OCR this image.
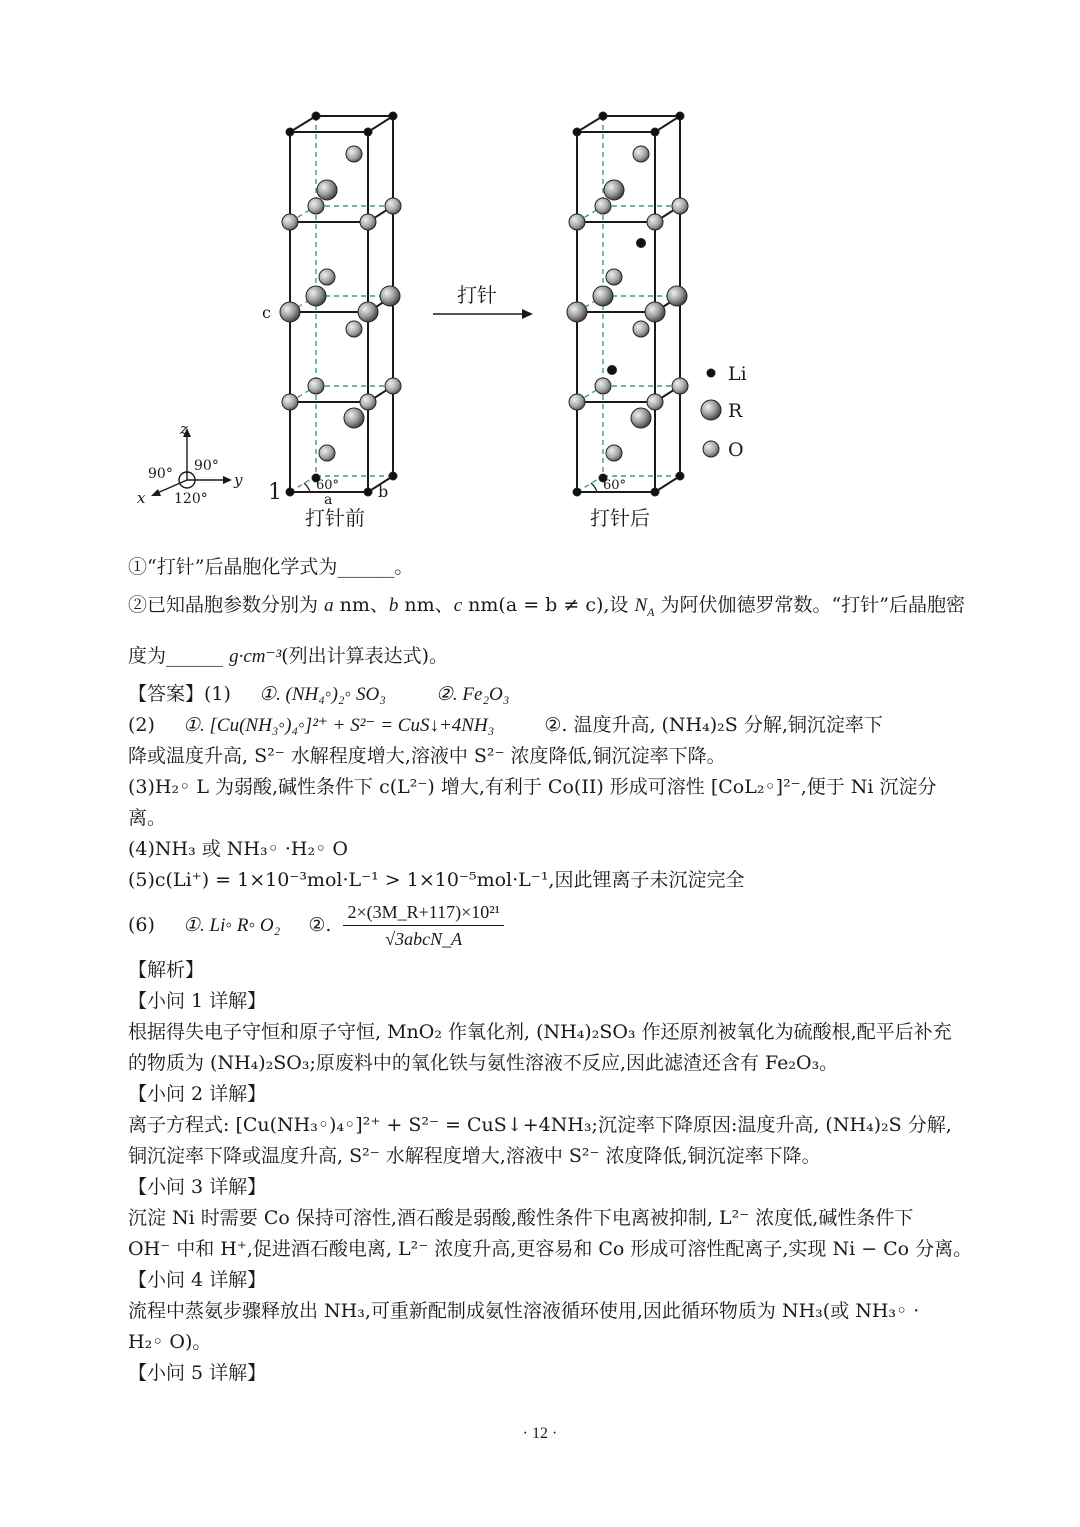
60°
c
a	b
1
打针前
打针
60°
打针后
Li
R
O
z
y
x
90° 90°
120°
①“打针”后晶胞化学式为______。
②已知晶胞参数分别为 a nm、b nm、c nm(a = b ≠ c),设 $N_A$ 为阿伏伽德罗常数。“打针”后晶胞密
度为______ g·cm⁻³(列出计算表达式)。
【答案】(1) ①. (NH₄◦)₂◦ SO₃	②. Fe₂O₃
(2) ①. [Cu(NH₃◦)₄◦]²⁺ + S²⁻ = CuS↓+4NH₃	②. 温度升高, (NH₄)₂S 分解,铜沉淀率下
降或温度升高, S²⁻ 水解程度增大,溶液中 S²⁻ 浓度降低,铜沉淀率下降。
(3)H₂◦ L 为弱酸,碱性条件下 c(L²⁻) 增大,有利于 Co(II) 形成可溶性 [CoL₂◦]²⁻,便于 Ni 沉淀分
离。
(4)NH₃ 或 NH₃◦ ·H₂◦ O
(5)c(Li⁺) = 1×10⁻³mol·L⁻¹ > 1×10⁻⁵mol·L⁻¹,因此锂离子未沉淀完全
(6) ①. Li◦ R◦ O₂ ②. $\frac{\text{2×(3M\_R+117)×10²¹}}{\text{√3abcN\_A}}$
【解析】
【小问 1 详解】
根据得失电子守恒和原子守恒, MnO₂ 作氧化剂, (NH₄)₂SO₃ 作还原剂被氧化为硫酸根,配平后补充
的物质为 (NH₄)₂SO₃;原废料中的氧化铁与氨性溶液不反应,因此滤渣还含有 Fe₂O₃。
【小问 2 详解】
离子方程式: [Cu(NH₃◦)₄◦]²⁺ + S²⁻ = CuS↓+4NH₃;沉淀率下降原因:温度升高, (NH₄)₂S 分解,
铜沉淀率下降或温度升高, S²⁻ 水解程度增大,溶液中 S²⁻ 浓度降低,铜沉淀率下降。
【小问 3 详解】
沉淀 Ni 时需要 Co 保持可溶性,酒石酸是弱酸,酸性条件下电离被抑制, L²⁻ 浓度低,碱性条件下
OH⁻ 中和 H⁺,促进酒石酸电离, L²⁻ 浓度升高,更容易和 Co 形成可溶性配离子,实现 Ni − Co 分离。
【小问 4 详解】
流程中蒸氨步骤释放出 NH₃,可重新配制成氨性溶液循环使用,因此循环物质为 NH₃(或 NH₃◦ ·
H₂◦ O)。
【小问 5 详解】
· 12 ·
